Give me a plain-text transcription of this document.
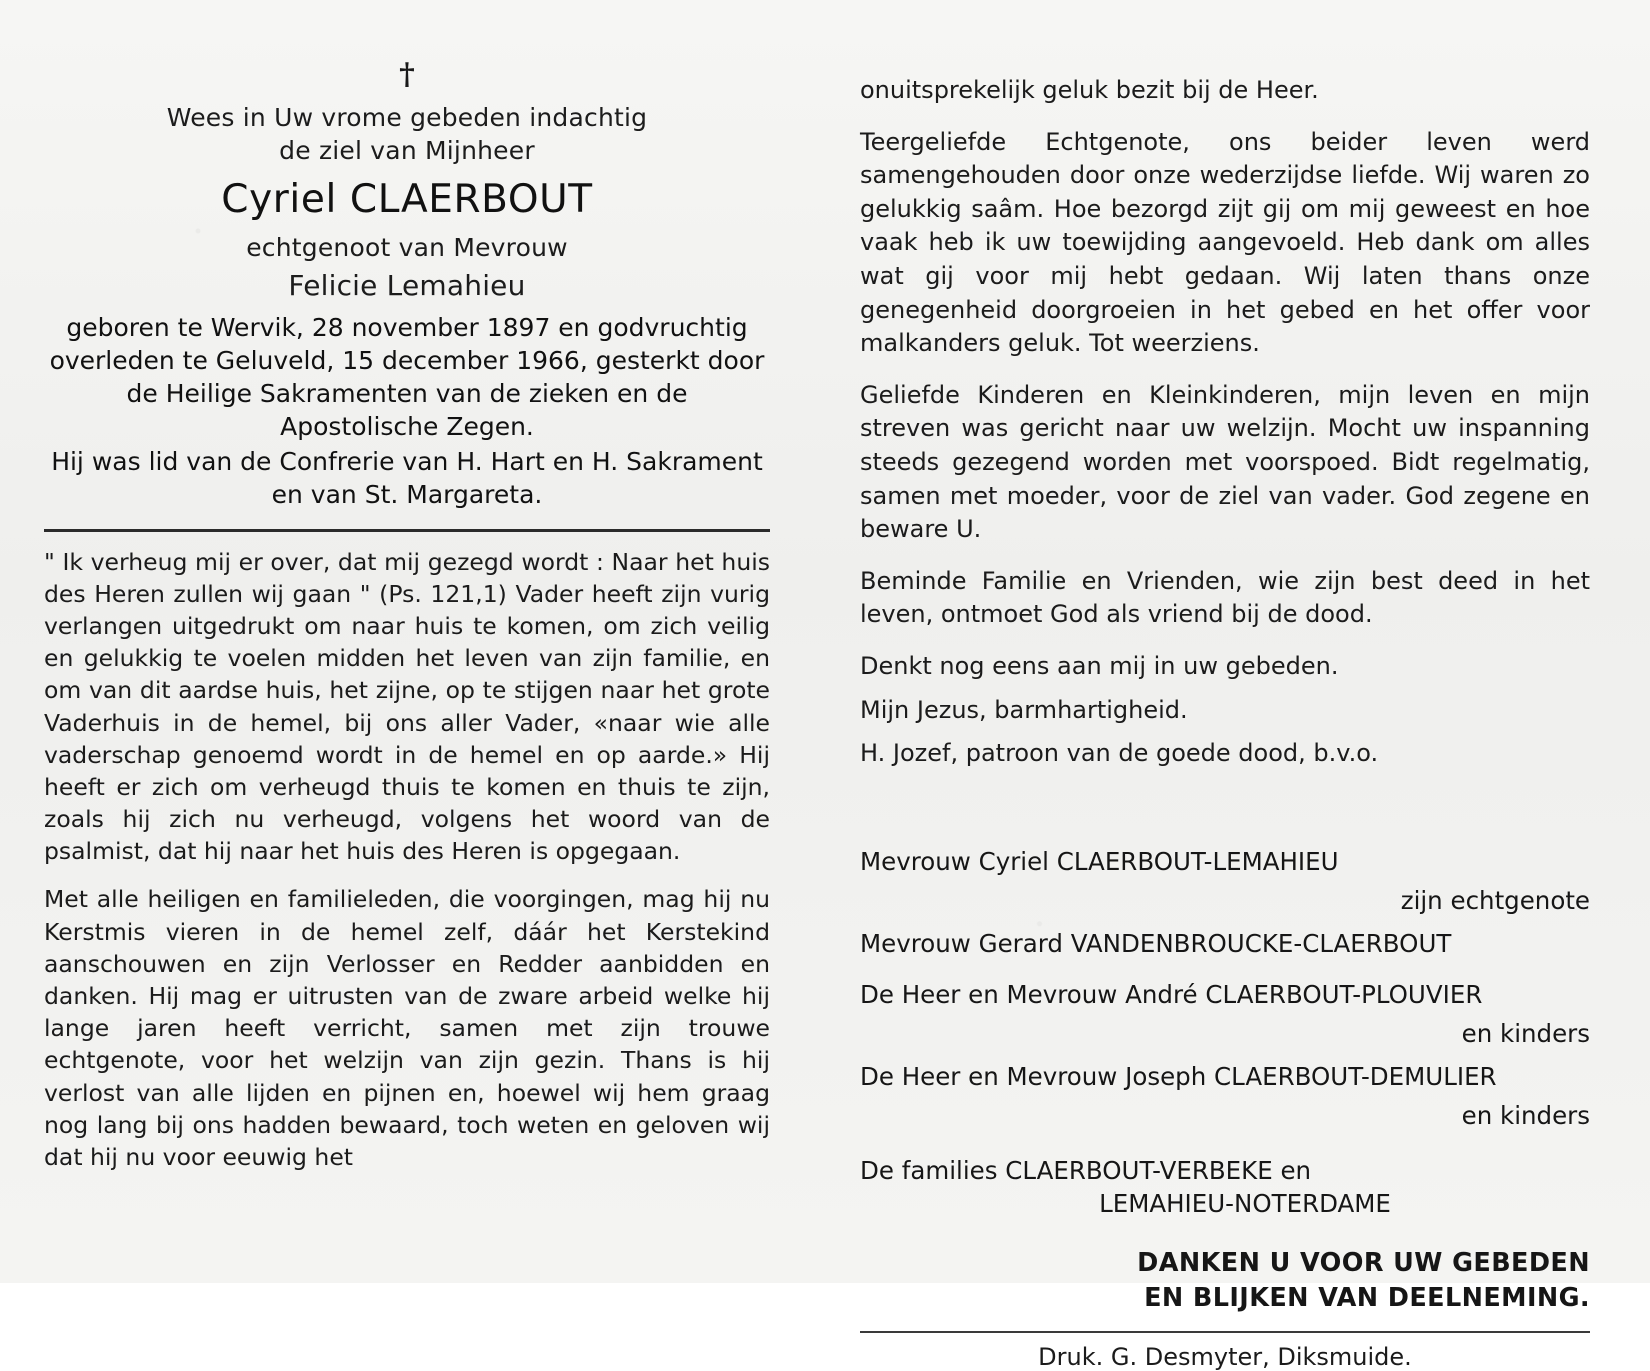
†
Wees in Uw vrome gebeden indachtig
de ziel van Mijnheer
Cyriel CLAERBOUT
echtgenoot van Mevrouw
Felicie Lemahieu
geboren te Wervik, 28 november 1897 en godvruchtig overleden te Geluveld, 15 december 1966, gesterkt door de Heilige Sakramenten van de zieken en de Apostolische Zegen.
Hij was lid van de Confrerie van H. Hart en H. Sakrament en van St. Margareta.

" Ik verheug mij er over, dat mij gezegd wordt : Naar het huis des Heren zullen wij gaan " (Ps. 121,1) Vader heeft zijn vurig verlangen uitgedrukt om naar huis te komen, om zich veilig en gelukkig te voelen midden het leven van zijn familie, en om van dit aardse huis, het zijne, op te stijgen naar het grote Vaderhuis in de hemel, bij ons aller Vader, «naar wie alle vaderschap genoemd wordt in de hemel en op aarde.» Hij heeft er zich om verheugd thuis te komen en thuis te zijn, zoals hij zich nu verheugd, volgens het woord van de psalmist, dat hij naar het huis des Heren is opgegaan.

Met alle heiligen en familieleden, die voorgingen, mag hij nu Kerstmis vieren in de hemel zelf, dáár het Kerstekind aanschouwen en zijn Verlosser en Redder aanbidden en danken. Hij mag er uitrusten van de zware arbeid welke hij lange jaren heeft verricht, samen met zijn trouwe echtgenote, voor het welzijn van zijn gezin. Thans is hij verlost van alle lijden en pijnen en, hoewel wij hem graag nog lang bij ons hadden bewaard, toch weten en geloven wij dat hij nu voor eeuwig het

onuitsprekelijk geluk bezit bij de Heer.

Teergeliefde Echtgenote, ons beider leven werd samengehouden door onze wederzijdse liefde. Wij waren zo gelukkig saâm. Hoe bezorgd zijt gij om mij geweest en hoe vaak heb ik uw toewijding aangevoeld. Heb dank om alles wat gij voor mij hebt gedaan. Wij laten thans onze genegenheid doorgroeien in het gebed en het offer voor malkanders geluk. Tot weerziens.

Geliefde Kinderen en Kleinkinderen, mijn leven en mijn streven was gericht naar uw welzijn. Mocht uw inspanning steeds gezegend worden met voorspoed. Bidt regelmatig, samen met moeder, voor de ziel van vader. God zegene en beware U.

Beminde Familie en Vrienden, wie zijn best deed in het leven, ontmoet God als vriend bij de dood.

Denkt nog eens aan mij in uw gebeden.

Mijn Jezus, barmhartigheid.

H. Jozef, patroon van de goede dood, b.v.o.

Mevrouw Cyriel CLAERBOUT-LEMAHIEU
zijn echtgenote
Mevrouw Gerard VANDENBROUCKE-CLAERBOUT
De Heer en Mevrouw André CLAERBOUT-PLOUVIER
en kinders
De Heer en Mevrouw Joseph CLAERBOUT-DEMULIER
en kinders
De families CLAERBOUT-VERBEKE en
LEMAHIEU-NOTERDAME
DANKEN U VOOR UW GEBEDEN
EN BLIJKEN VAN DEELNEMING.
Druk. G. Desmyter, Diksmuide.
